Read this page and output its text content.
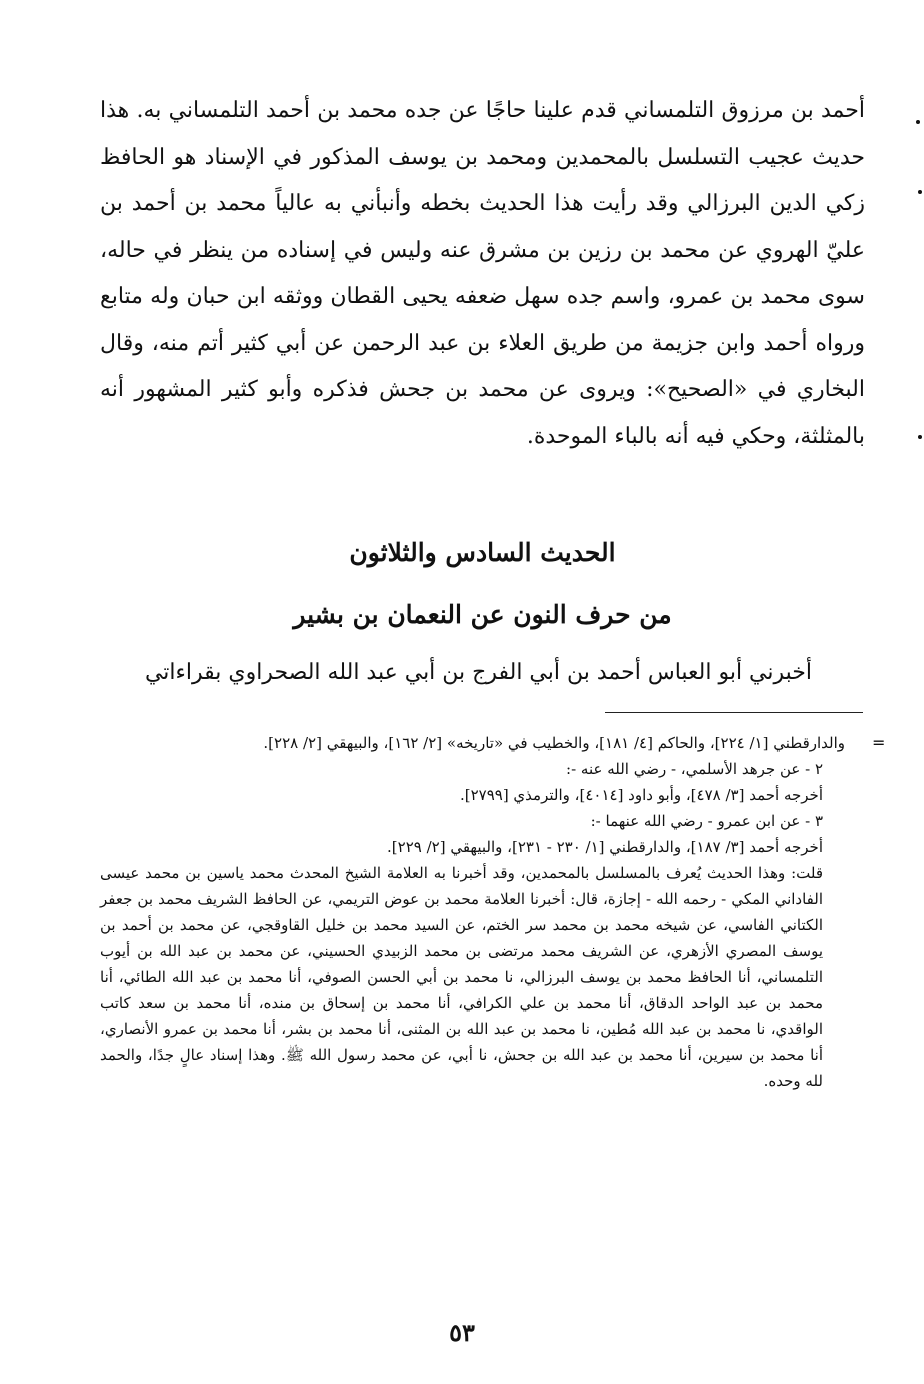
أحمد بن مرزوق التلمساني قدم علينا حاجًا عن جده محمد بن أحمد التلمساني به. هذا حديث عجيب التسلسل بالمحمدين ومحمد بن يوسف المذكور في الإسناد هو الحافظ زكي الدين البرزالي وقد رأيت هذا الحديث بخطه وأنبأني به عالياً محمد بن أحمد بن عليّ الهروي عن محمد بن رزين بن مشرق عنه وليس في إسناده من ينظر في حاله، سوى محمد بن عمرو، واسم جده سهل ضعفه يحيى القطان ووثقه ابن حبان وله متابع ورواه أحمد وابن جزيمة من طريق العلاء بن عبد الرحمن عن أبي كثير أتم منه، وقال البخاري في «الصحيح»: ويروى عن محمد بن جحش فذكره وأبو كثير المشهور أنه بالمثلثة، وحكي فيه أنه بالباء الموحدة.

الحديث السادس والثلاثون
من حرف النون عن النعمان بن بشير

أخبرني أبو العباس أحمد بن أبي الفرج بن أبي عبد الله الصحراوي بقراءاتي

=

والدارقطني [١/ ٢٢٤]، والحاكم [٤/ ١٨١]، والخطيب في «تاريخه» [٢/ ١٦٢]، والبيهقي [٢/ ٢٢٨].

٢ - عن جرهد الأسلمي، - رضي الله عنه -:

أخرجه أحمد [٣/ ٤٧٨]، وأبو داود [٤٠١٤]، والترمذي [٢٧٩٩].

٣ - عن ابن عمرو - رضي الله عنهما -:

أخرجه أحمد [٣/ ١٨٧]، والدارقطني [١/ ٢٣٠ - ٢٣١]، والبيهقي [٢/ ٢٢٩].

قلت: وهذا الحديث يُعرف بالمسلسل بالمحمدين، وقد أخبرنا به العلامة الشيخ المحدث محمد ياسين بن محمد عيسى الفاداني المكي - رحمه الله - إجازة، قال: أخبرنا العلامة محمد بن عوض التريمي، عن الحافظ الشريف محمد بن جعفر الكتاني الفاسي، عن شيخه محمد بن محمد سر الختم، عن السيد محمد بن خليل القاوقجي، عن محمد بن أحمد بن يوسف المصري الأزهري، عن الشريف محمد مرتضى بن محمد الزبيدي الحسيني، عن محمد بن عبد الله بن أيوب التلمساني، أنا الحافظ محمد بن يوسف البرزالي، نا محمد بن أبي الحسن الصوفي، أنا محمد بن عبد الله الطائي، أنا محمد بن عبد الواحد الدقاق، أنا محمد بن علي الكرافي، أنا محمد بن إسحاق بن منده، أنا محمد بن سعد كاتب الواقدي، نا محمد بن عبد الله مُطين، نا محمد بن عبد الله بن المثنى، أنا محمد بن بشر، أنا محمد بن عمرو الأنصاري، أنا محمد بن سيرين، أنا محمد بن عبد الله بن جحش، نا أبي، عن محمد رسول الله ﷺ. وهذا إسناد عالٍ جدًا، والحمد لله وحده.

٥٣
